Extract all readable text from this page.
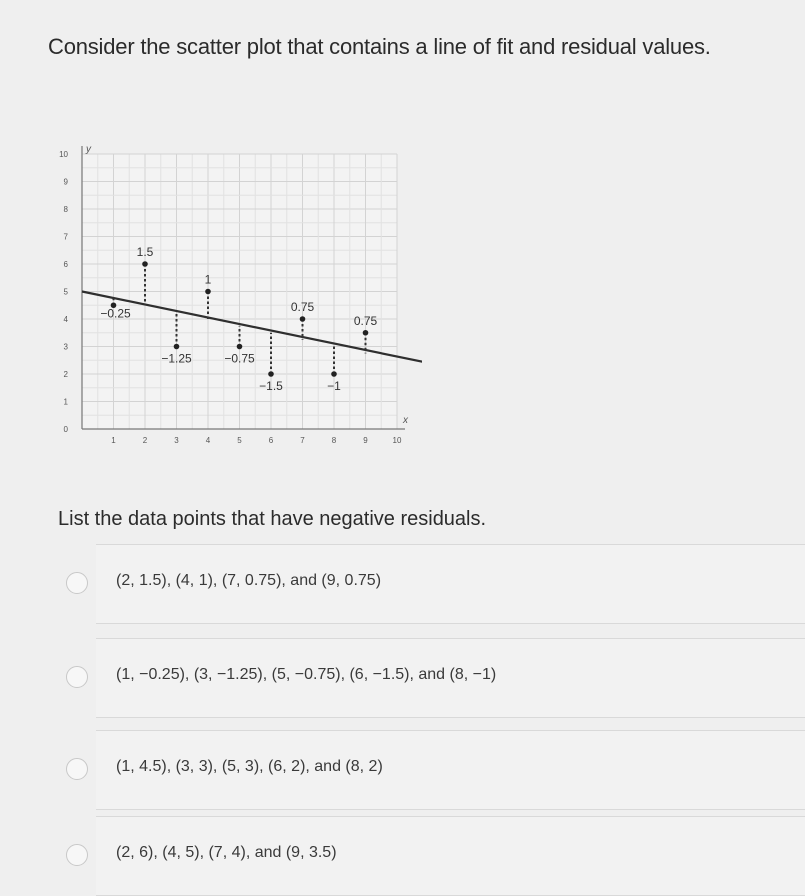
Consider the scatter plot that contains a line of fit and residual values.
1	2	3	4	5	6	7	8	9	10
1
2
3
4
5
6
7
8
9
10
0
x
y
−0.25
1.5
−1.25
1
−0.75
−1.5
0.75
−1
0.75
List the data points that have negative residuals.
(2, 1.5), (4, 1), (7, 0.75), and (9, 0.75)
(1, −0.25), (3, −1.25), (5, −0.75), (6, −1.5), and (8, −1)
(1, 4.5), (3, 3), (5, 3), (6, 2), and (8, 2)
(2, 6), (4, 5), (7, 4), and (9, 3.5)
